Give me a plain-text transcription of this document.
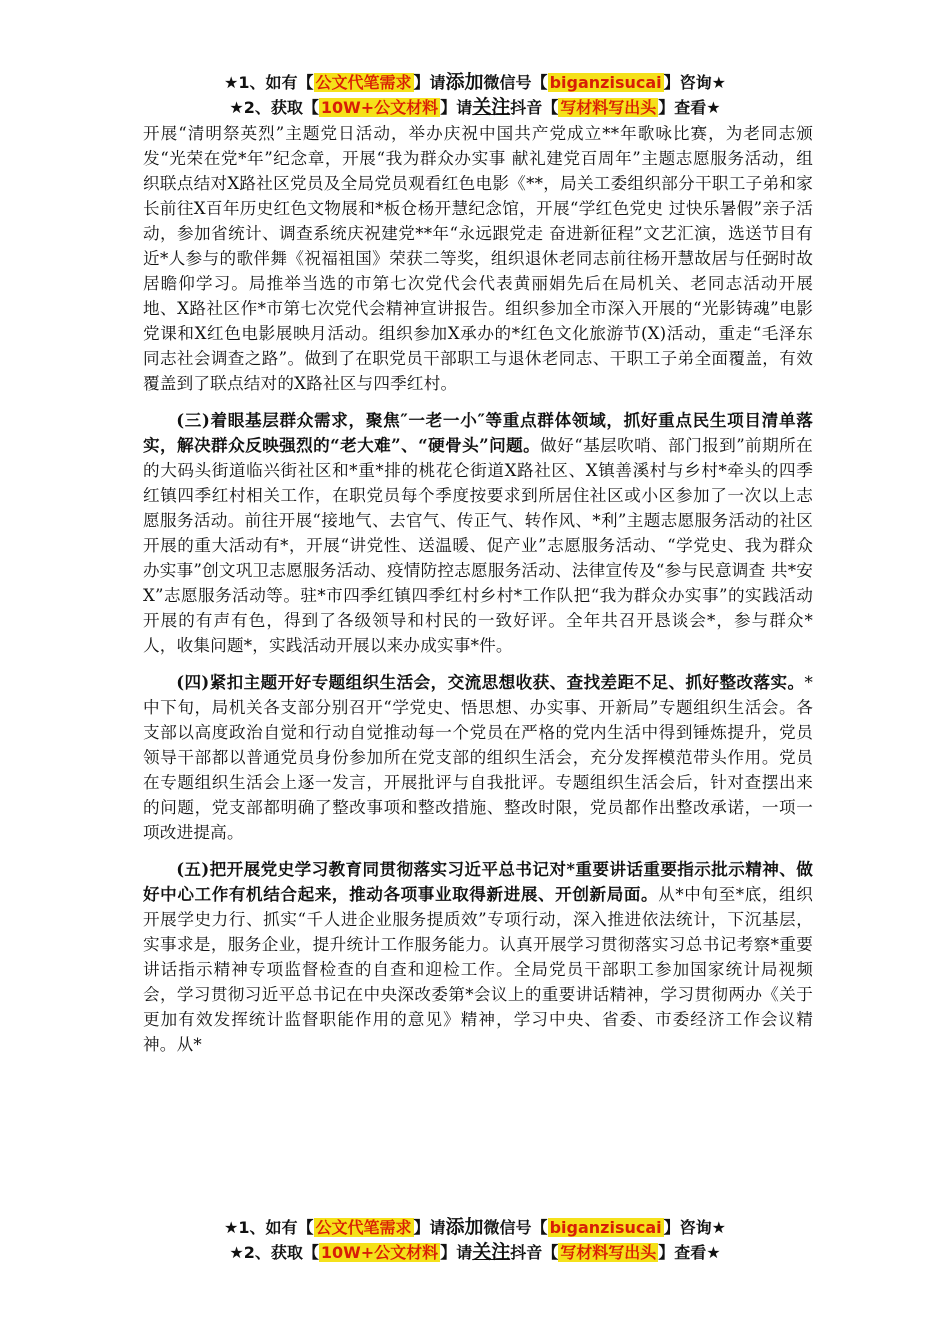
★1、如有【 公文代笔需求 】请添加微信号【 biganzisucai 】咨询★
★2、获取【 10W+公文材料 】请关注抖音【 写材料写出头 】查看★

开展“清明祭英烈”主题党日活动，举办庆祝中国共产党成立**年歌咏比赛，为老同志颁发“光荣在党*年”纪念章，开展“我为群众办实事 献礼建党百周年”主题志愿服务活动，组织联点结对X路社区党员及全局党员观看红色电影《**，局关工委组织部分干职工子弟和家长前往X百年历史红色文物展和*板仓杨开慧纪念馆，开展“学红色党史 过快乐暑假”亲子活动，参加省统计、调查系统庆祝建党**年“永远跟党走 奋进新征程”文艺汇演，选送节目有近*人参与的歌伴舞《祝福祖国》荣获二等奖，组织退休老同志前往杨开慧故居与任弼时故居瞻仰学习。局推举当选的市第七次党代会代表黄丽娟先后在局机关、老同志活动开展地、X路社区作*市第七次党代会精神宣讲报告。组织参加全市深入开展的“光影铸魂”电影党课和X红色电影展映月活动。组织参加X承办的*红色文化旅游节(X)活动，重走“毛泽东同志社会调查之路”。做到了在职党员干部职工与退休老同志、干职工子弟全面覆盖，有效覆盖到了联点结对的X路社区与四季红村。

(三)着眼基层群众需求，聚焦″一老一小″等重点群体领域，抓好重点民生项目清单落实，解决群众反映强烈的“老大难”、“硬骨头”问题。做好“基层吹哨、部门报到”前期所在的大码头街道临兴街社区和*重*排的桃花仑街道X路社区、X镇善溪村与乡村*牵头的四季红镇四季红村相关工作，在职党员每个季度按要求到所居住社区或小区参加了一次以上志愿服务活动。前往开展“接地气、去官气、传正气、转作风、*利”主题志愿服务活动的社区开展的重大活动有*，开展“讲党性、送温暖、促产业”志愿服务活动、“学党史、我为群众办实事”创文巩卫志愿服务活动、疫情防控志愿服务活动、法律宣传及“参与民意调查 共*安X”志愿服务活动等。驻*市四季红镇四季红村乡村*工作队把“我为群众办实事”的实践活动开展的有声有色，得到了各级领导和村民的一致好评。全年共召开恳谈会*，参与群众*人，收集问题*，实践活动开展以来办成实事*件。

(四)紧扣主题开好专题组织生活会，交流思想收获、查找差距不足、抓好整改落实。*中下旬，局机关各支部分别召开“学党史、悟思想、办实事、开新局”专题组织生活会。各支部以高度政治自觉和行动自觉推动每一个党员在严格的党内生活中得到锤炼提升，党员领导干部都以普通党员身份参加所在党支部的组织生活会，充分发挥模范带头作用。党员在专题组织生活会上逐一发言，开展批评与自我批评。专题组织生活会后，针对查摆出来的问题，党支部都明确了整改事项和整改措施、整改时限，党员都作出整改承诺，一项一项改进提高。

(五)把开展党史学习教育同贯彻落实习近平总书记对*重要讲话重要指示批示精神、做好中心工作有机结合起来，推动各项事业取得新进展、开创新局面。从*中旬至*底，组织开展学史力行、抓实“千人进企业服务提质效”专项行动，深入推进依法统计，下沉基层，实事求是，服务企业，提升统计工作服务能力。认真开展学习贯彻落实习总书记考察*重要讲话指示精神专项监督检查的自查和迎检工作。全局党员干部职工参加国家统计局视频会，学习贯彻习近平总书记在中央深改委第*会议上的重要讲话精神，学习贯彻两办《关于更加有效发挥统计监督职能作用的意见》精神，学习中央、省委、市委经济工作会议精神。从*

★1、如有【 公文代笔需求 】请添加微信号【 biganzisucai 】咨询★
★2、获取【 10W+公文材料 】请关注抖音【 写材料写出头 】查看★
